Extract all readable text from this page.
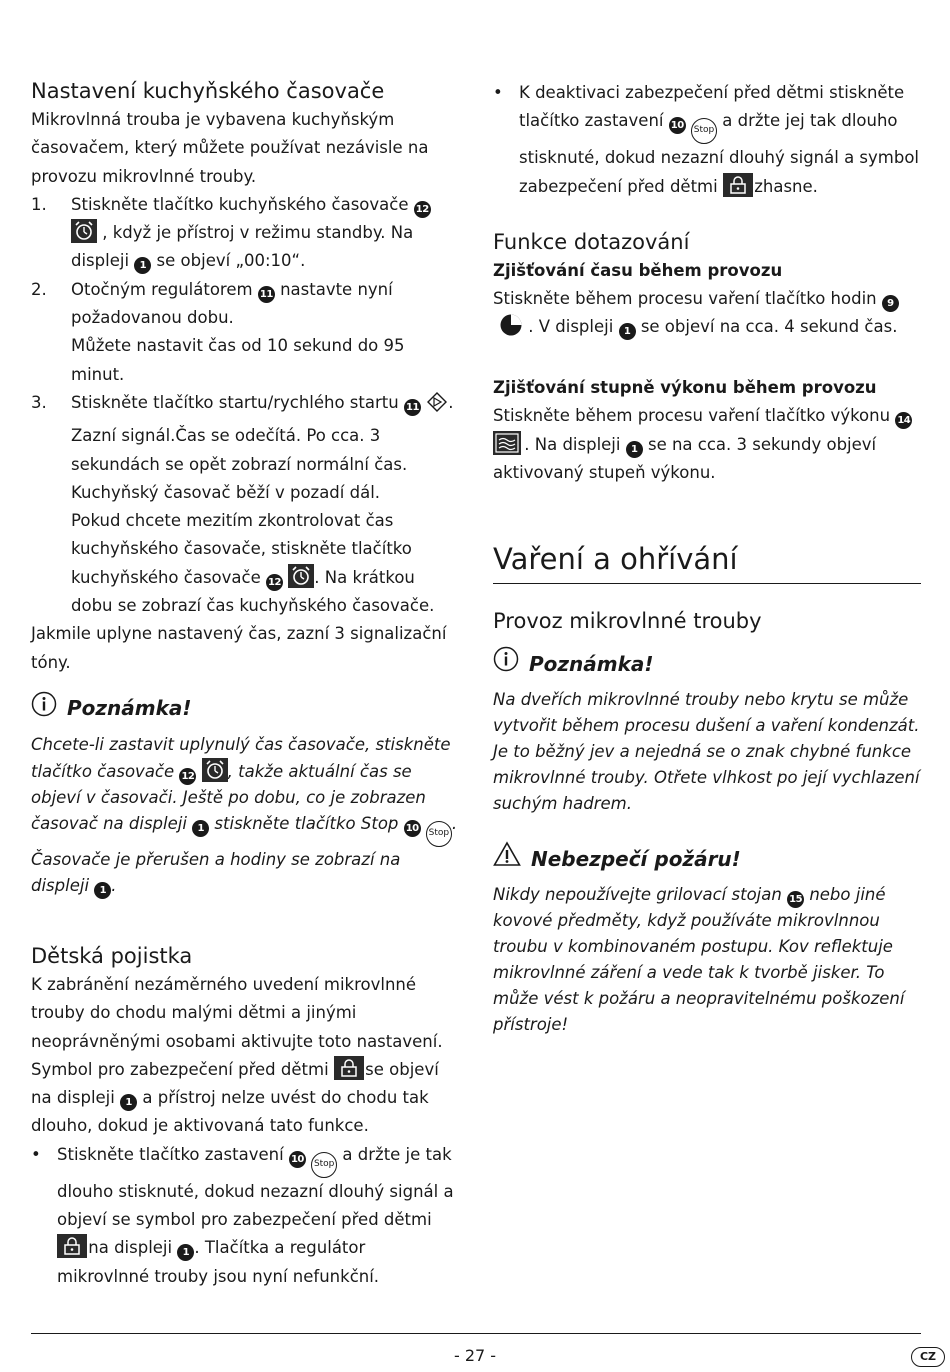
Nastavení kuchyňského časovače

Mikrovlnná trouba je vybavena kuchyňským časovačem, který můžete používat nezávisle na provozu mikrovlnné trouby.

1.	Stiskněte tlačítko kuchyňského časovače 12

, když je přístroj v režimu standby. Na displeji 1 se objeví „00:10“.
2.	Otočným regulátorem 11 nastavte nyní požadovanou dobu.
Můžete nastavit čas od 10 sekund do 95 minut.
3.	Stiskněte tlačítko startu/rychlého startu 11 . Zazní signál.Čas se odečítá. Po cca. 3 sekundách se opět zobrazí normální čas. Kuchyňský časovač běží v pozadí dál.
Pokud chcete mezitím zkontrolovat čas kuchyňského časovače, stiskněte tlačítko kuchyňského časovače 12 . Na krátkou dobu se zobrazí čas kuchyňského časovače.

Jakmile uplyne nastavený čas, zazní 3 signalizační tóny.

Poznámka!

Chcete-li zastavit uplynulý čas časovače, stiskněte tlačítko časovače 12 , takže aktuální čas se objeví v časovači. Ještě po dobu, co je zobrazen časovač na displeji 1 stiskněte tlačítko Stop 10 Stop . Časovače je přerušen a hodiny se zobrazí na displeji 1 .

Dětská pojistka

K zabránění nezáměrného uvedení mikrovlnné trouby do chodu malými dětmi a jinými neoprávněnými osobami aktivujte toto nastavení.

Symbol pro zabezpečení před dětmi se objeví na displeji 1 a přístroj nelze uvést do chodu tak dlouho, dokud je aktivovaná tato funkce.

• Stiskněte tlačítko zastavení 10 Stop a držte je tak dlouho stisknuté, dokud nezazní dlouhý signál a objeví se symbol pro zabezpečení před dětmi

na displeji 1 . Tlačítka a regulátor mikrovlnné trouby jsou nyní nefunkční.
• K deaktivaci zabezpečení před dětmi stiskněte tlačítko zastavení 10 Stop a držte jej tak dlouho stisknuté, dokud nezazní dlouhý signál a symbol zabezpečení před dětmi zhasne.
Funkce dotazování
Zjišťování času během provozu

Stiskněte během procesu vaření tlačítko hodin 9
. V displeji 1 se objeví na cca. 4 sekund čas.

Zjišťování stupně výkonu během provozu

Stiskněte během procesu vaření tlačítko výkonu 14

. Na displeji 1 se na cca. 3 sekundy objeví aktivovaný stupeň výkonu.

Vaření a ohřívání
Provoz mikrovlnné trouby
Poznámka!

Na dveřích mikrovlnné trouby nebo krytu se může vytvořit během procesu dušení a vaření kondenzát. Je to běžný jev a nejedná se o znak chybné funkce mikrovlnné trouby. Otřete vlhkost po její vychlazení suchým hadrem.

Nebezpečí požáru!

Nikdy nepoužívejte grilovací stojan 15 nebo jiné kovové předměty, když používáte mikrovlnnou troubu v kombinovaném postupu. Kov reflektuje mikrovlnné záření a vede tak k tvorbě jisker. To může vést k požáru a neopravitelnému poškození přístroje!

- 27 -	CZ
